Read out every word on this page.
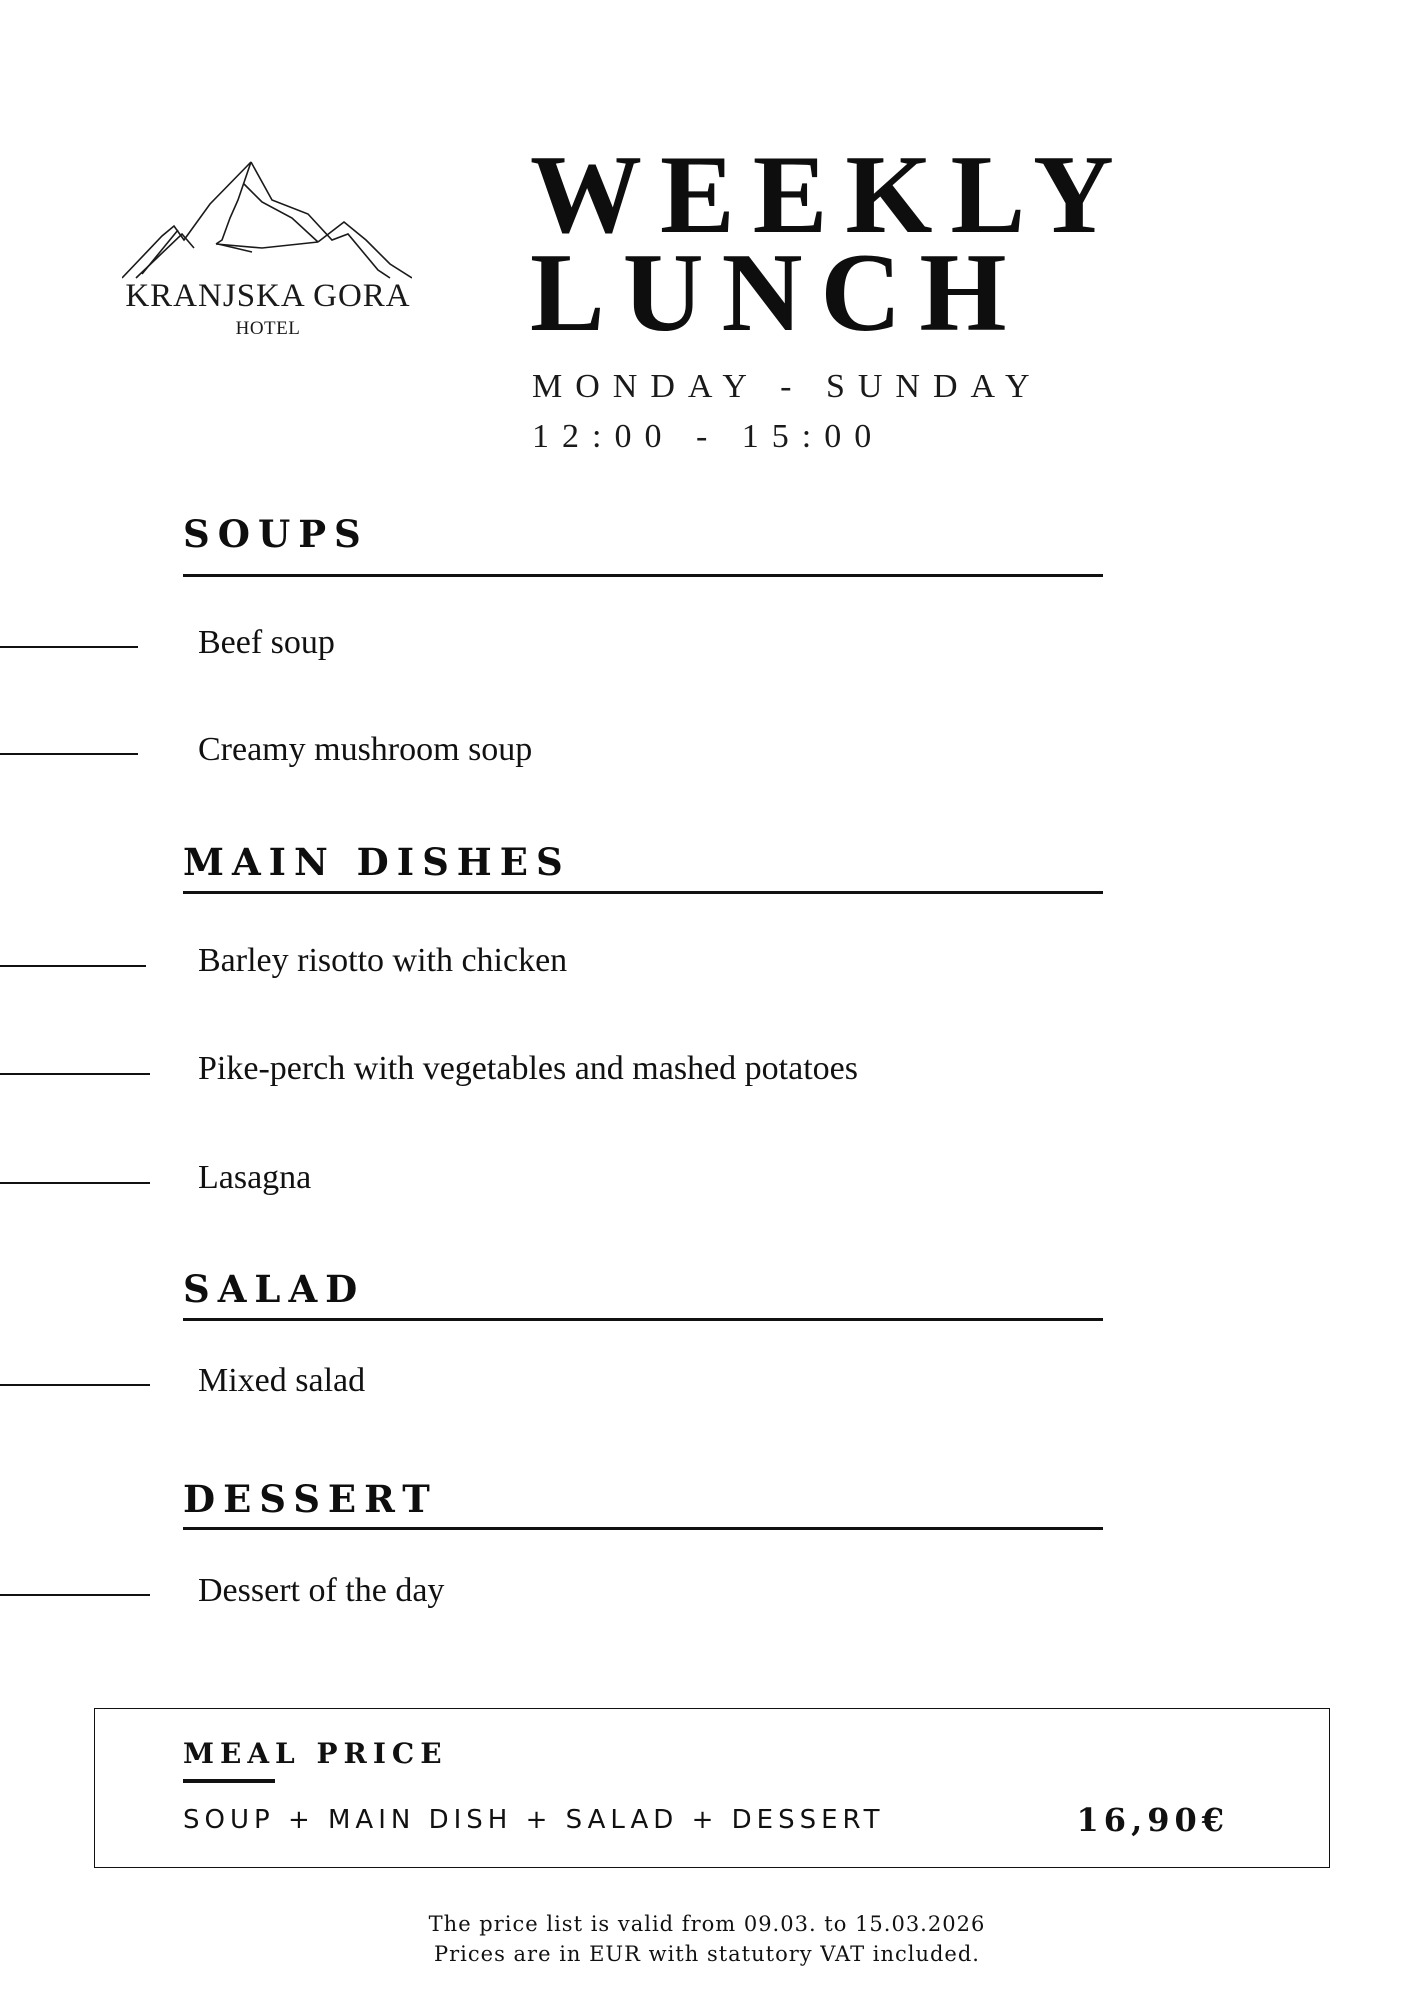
KRANJSKA GORA
HOTEL
WEEKLY
LUNCH
MONDAY - SUNDAY
12:00 - 15:00
SOUPS
Beef soup
Creamy mushroom soup
MAIN DISHES
Barley risotto with chicken
Pike-perch with vegetables and mashed potatoes
Lasagna
SALAD
Mixed salad
DESSERT
Dessert of the day
MEAL PRICE
SOUP + MAIN DISH + SALAD + DESSERT	16,90€
The price list is valid from 09.03. to 15.03.2026
Prices are in EUR with statutory VAT included.
